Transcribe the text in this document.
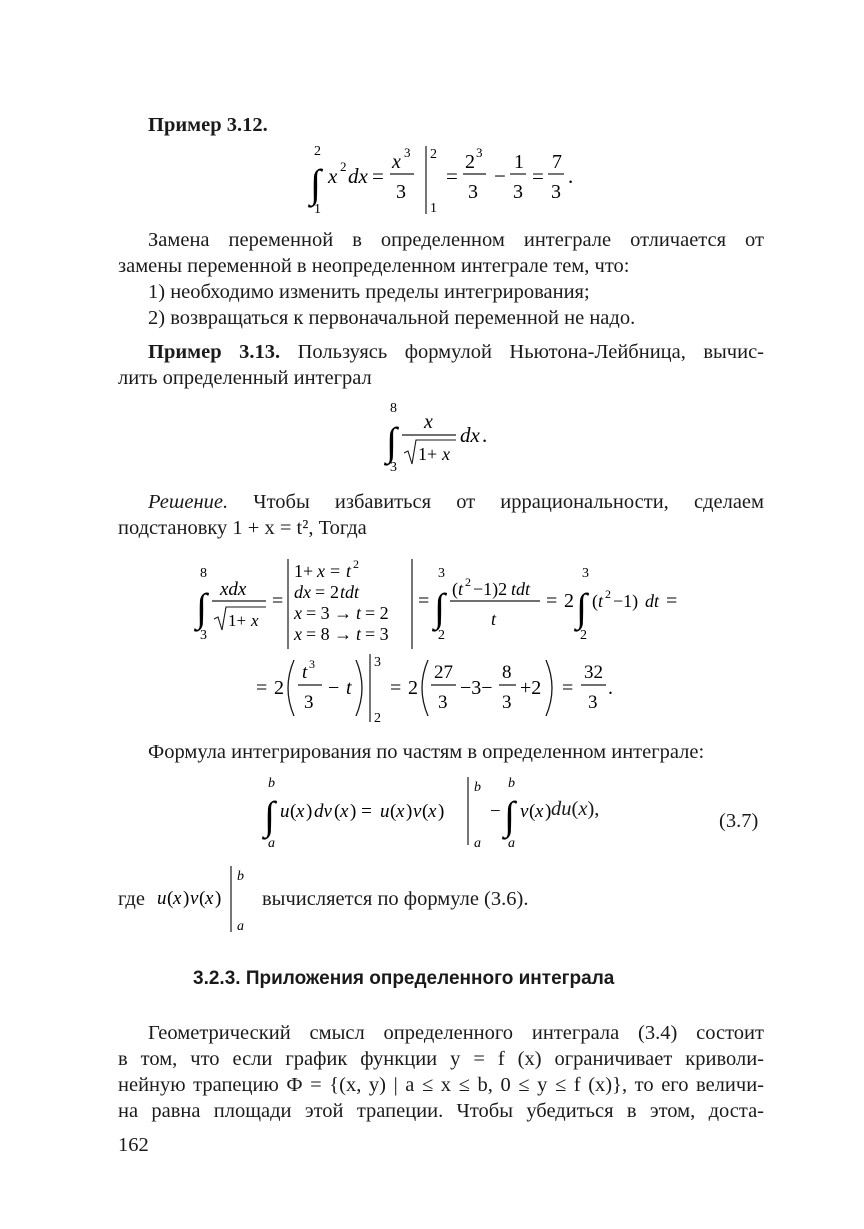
Пример 3.12.
2
∫
1
x 2 dx =
x 3
3
2
1
=
2 3
3
−
1
3
=
7
3
.
Замена переменной в определенном интеграле отличается от
замены переменной в неопределенном интеграле тем, что:
1) необходимо изменить пределы интегрирования;
2) возвращаться к первоначальной переменной не надо.
Пример 3.13. Пользуясь формулой Ньютона-Лейбница, вычис-
лить определенный интеграл
8
∫
3
x
1+ x
dx .
Решение. Чтобы избавиться от иррациональности, сделаем
подстановку 1 + x = t², Тогда
8
∫
3
xdx
1+ x
=
1+ x = t 2
dx = 2 tdt
x = 3 → t = 2
x = 8 → t = 3
=
3
∫
2
( t 2 −1)2 tdt
t
= 2
3
∫
2
( t 2 −1) dt =
= 2
t 3
3
− t
3
2
= 2
27
3
−3−
8
3
+2 =
32
3
.
Формула интегрирования по частям в определенном интеграле:
b
∫
a
u ( x ) dv ( x ) = u ( x ) v ( x )
b
a
−
b
∫
a
v ( x ) du(x),
(3.7)
где u ( x ) v ( x )
b
a
вычисляется по формуле (3.6).
3.2.3. Приложения определенного интеграла
Геометрический смысл определенного интеграла (3.4) состоит
в том, что если график функции y = f (x) ограничивает криволи-
нейную трапецию Ф = {(x, y) | a ≤ x ≤ b, 0 ≤ y ≤ f (x)}, то его величи-
на равна площади этой трапеции. Чтобы убедиться в этом, доста-
162
